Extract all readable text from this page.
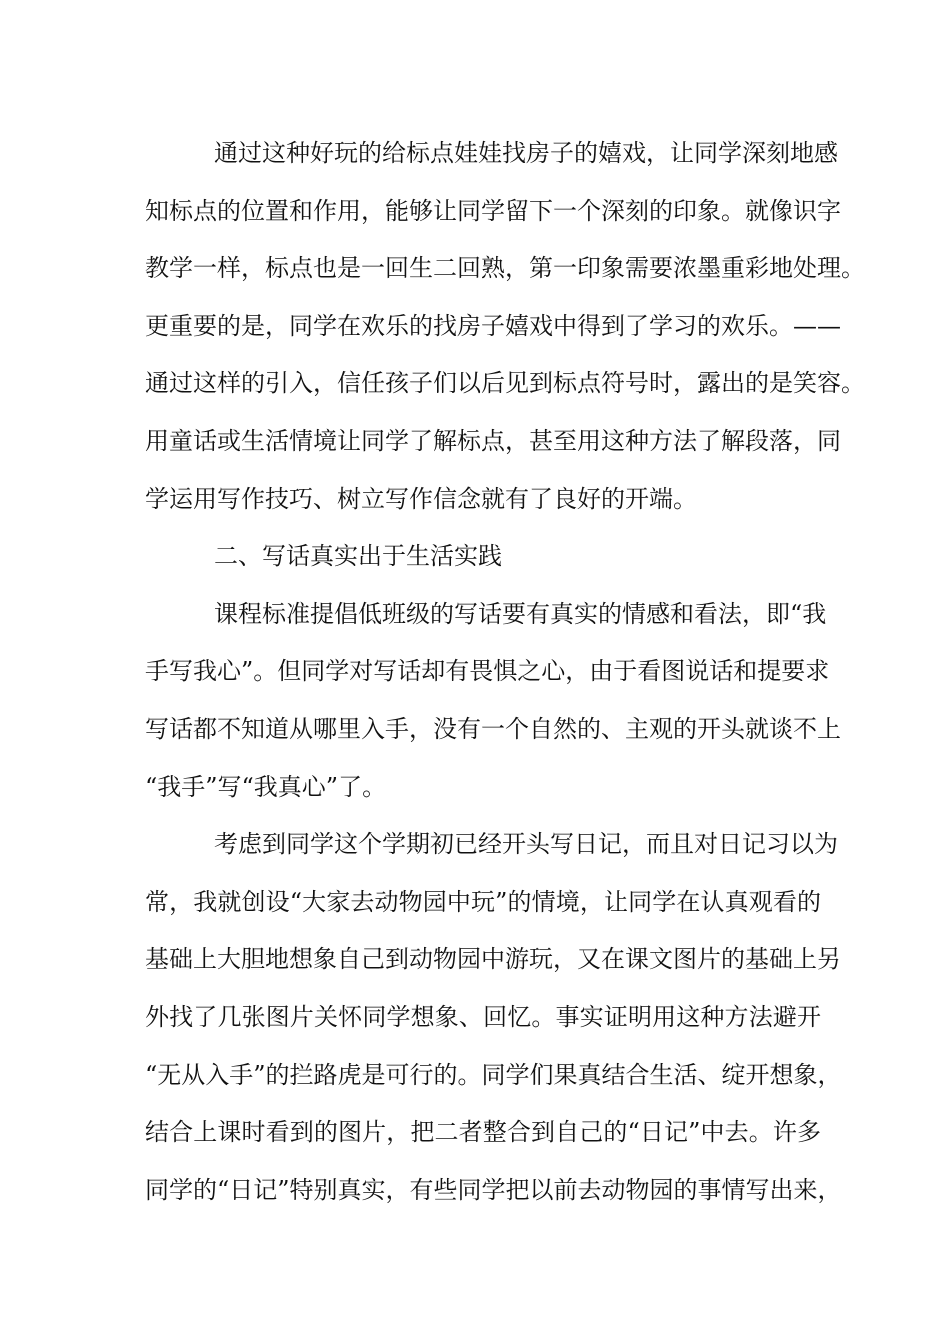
通过这种好玩的给标点娃娃找房子的嬉戏，让同学深刻地感
知标点的位置和作用，能够让同学留下一个深刻的印象。就像识字
教学一样，标点也是一回生二回熟，第一印象需要浓墨重彩地处理。
更重要的是，同学在欢乐的找房子嬉戏中得到了学习的欢乐。——
通过这样的引入，信任孩子们以后见到标点符号时，露出的是笑容。
用童话或生活情境让同学了解标点，甚至用这种方法了解段落，同
学运用写作技巧、树立写作信念就有了良好的开端。
二、写话真实出于生活实践
课程标准提倡低班级的写话要有真实的情感和看法，即“我
手写我心”。但同学对写话却有畏惧之心，由于看图说话和提要求
写话都不知道从哪里入手，没有一个自然的、主观的开头就谈不上
“我手”写“我真心”了。
考虑到同学这个学期初已经开头写日记，而且对日记习以为
常，我就创设“大家去动物园中玩”的情境，让同学在认真观看的
基础上大胆地想象自己到动物园中游玩，又在课文图片的基础上另
外找了几张图片关怀同学想象、回忆。事实证明用这种方法避开
“无从入手”的拦路虎是可行的。同学们果真结合生活、绽开想象，
结合上课时看到的图片，把二者整合到自己的“日记”中去。许多
同学的“日记”特别真实，有些同学把以前去动物园的事情写出来，
